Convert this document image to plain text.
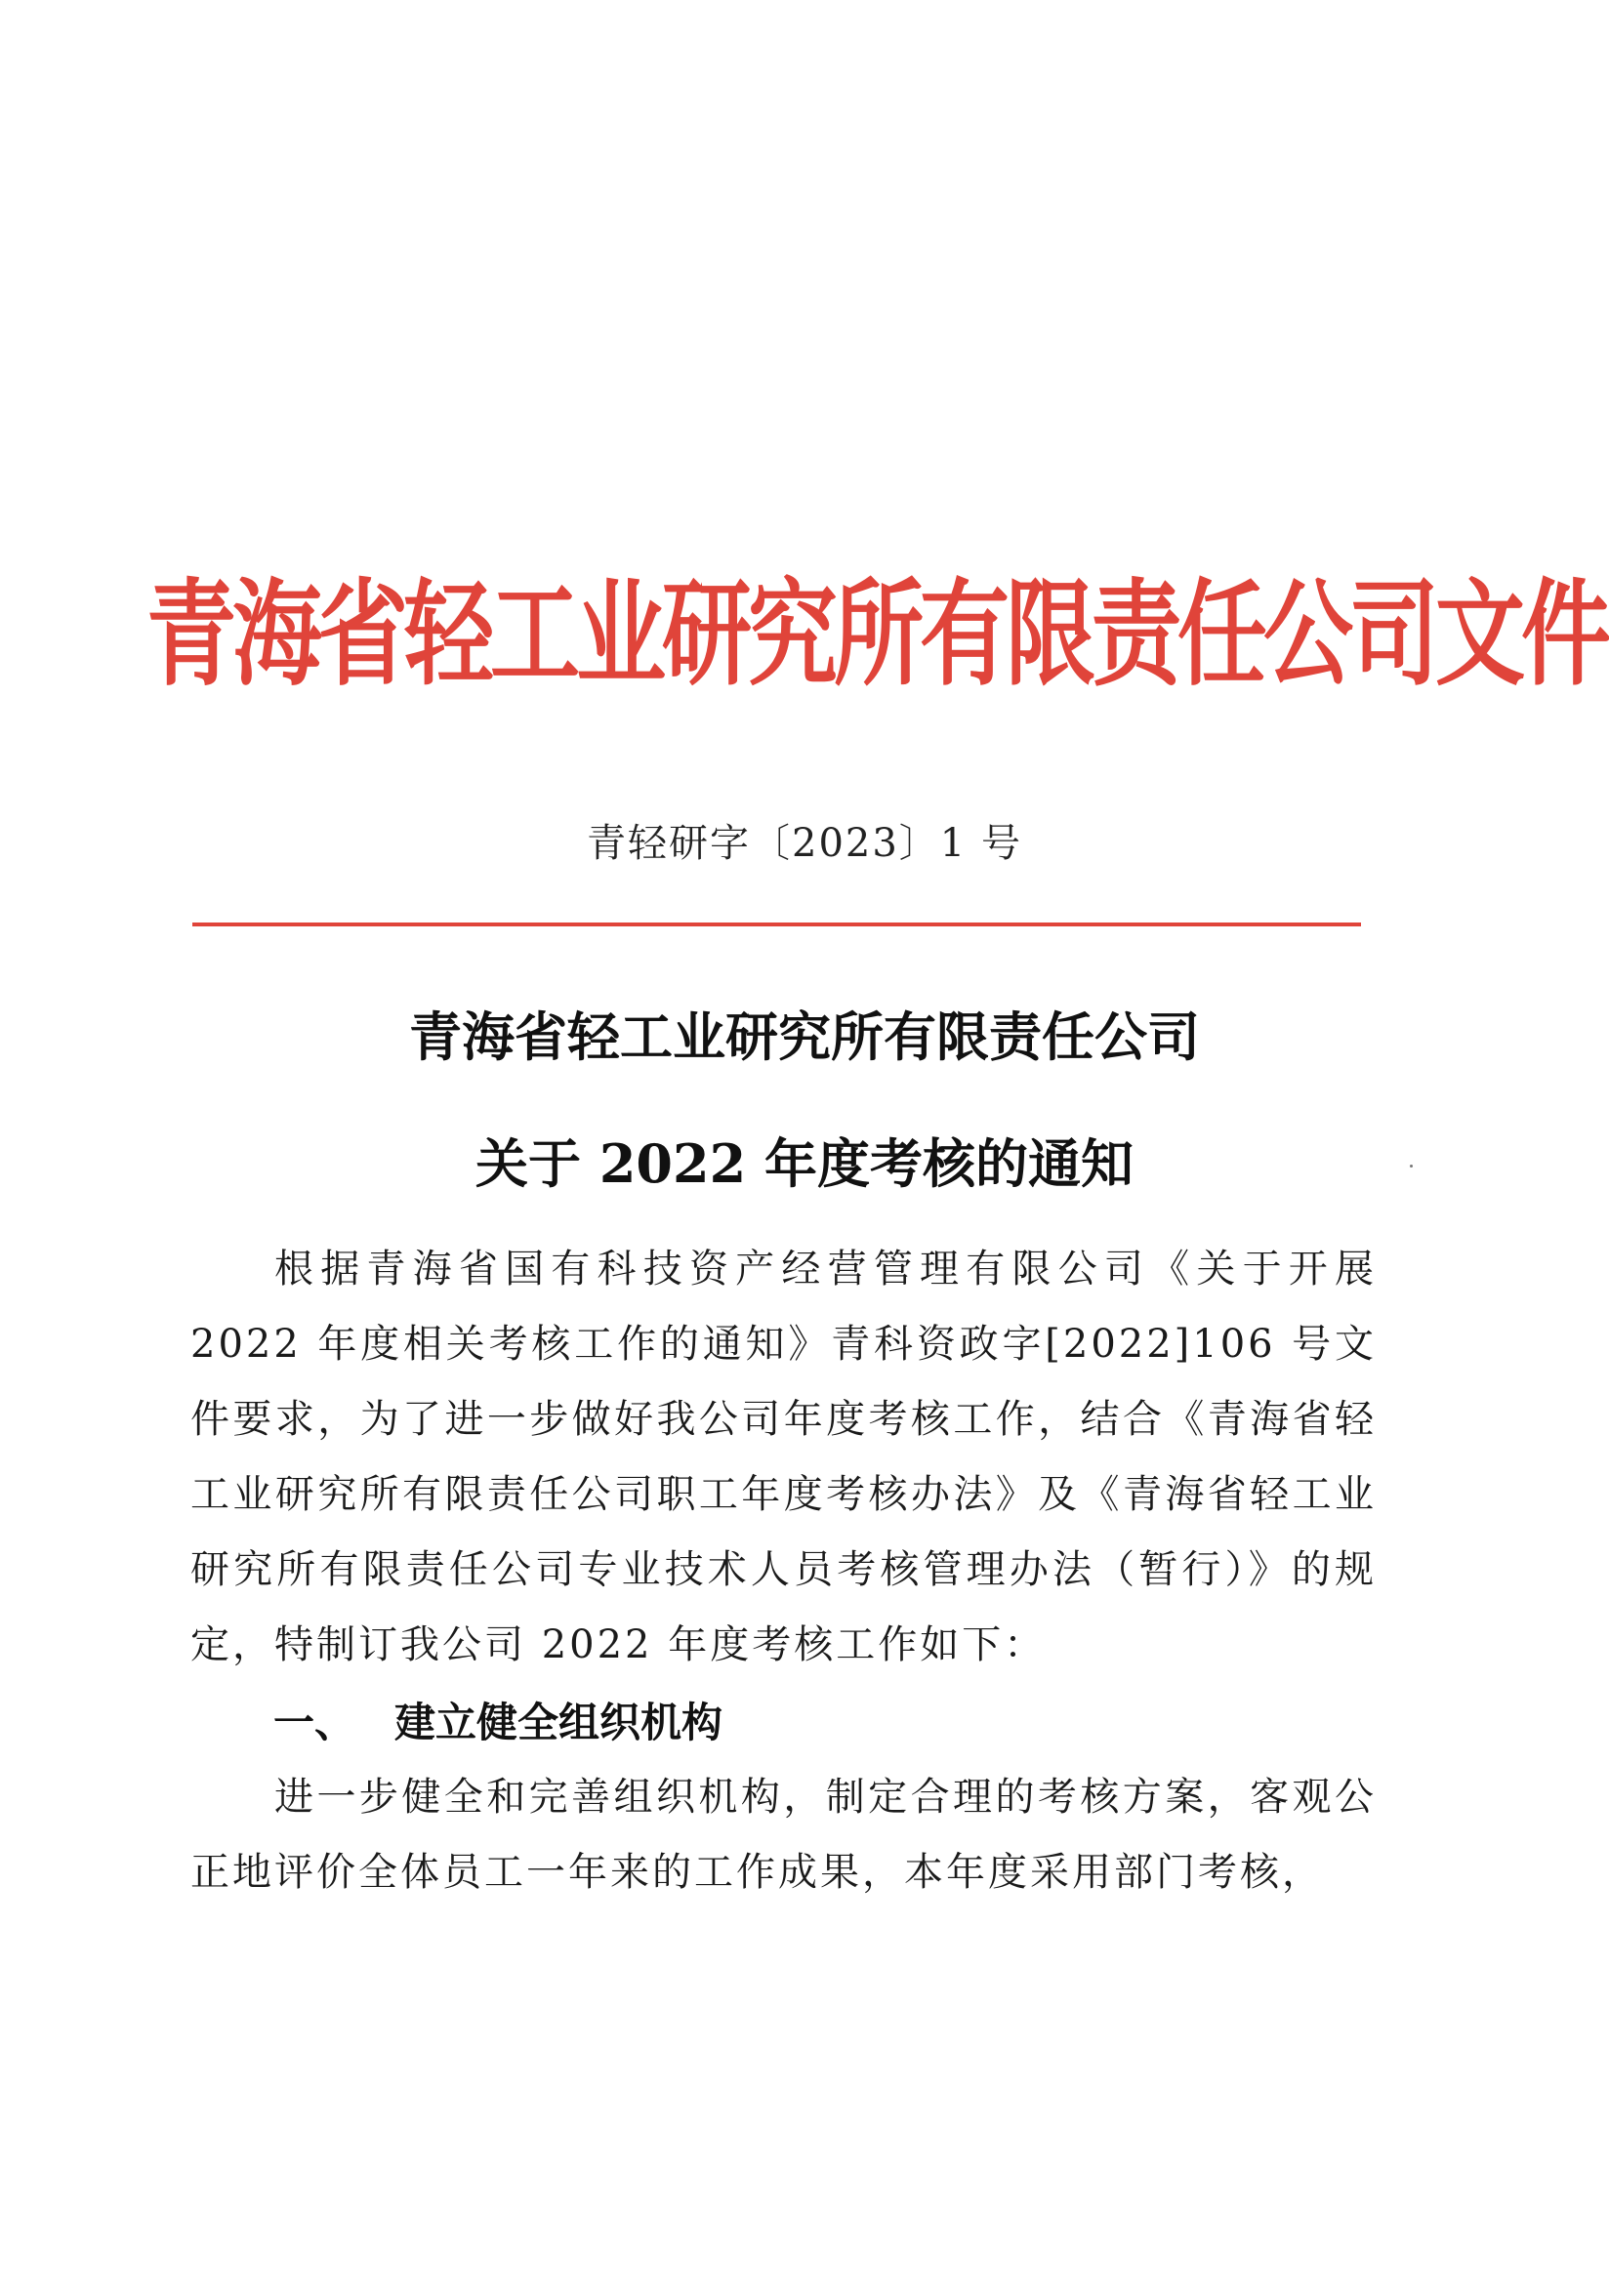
青海省轻工业研究所有限责任公司文件
青轻研字〔2023〕1 号
青海省轻工业研究所有限责任公司
关于 2022 年度考核的通知

根据青海省国有科技资产经营管理有限公司《关于开展2022 年度相关考核工作的通知》青科资政字[2022]106 号文件要求，为了进一步做好我公司年度考核工作，结合《青海省轻工业研究所有限责任公司职工年度考核办法》及《青海省轻工业研究所有限责任公司专业技术人员考核管理办法（暂行）》的规定，特制订我公司 2022 年度考核工作如下：

一、 建立健全组织机构

进一步健全和完善组织机构，制定合理的考核方案，客观公正地评价全体员工一年来的工作成果，本年度采用部门考核，
